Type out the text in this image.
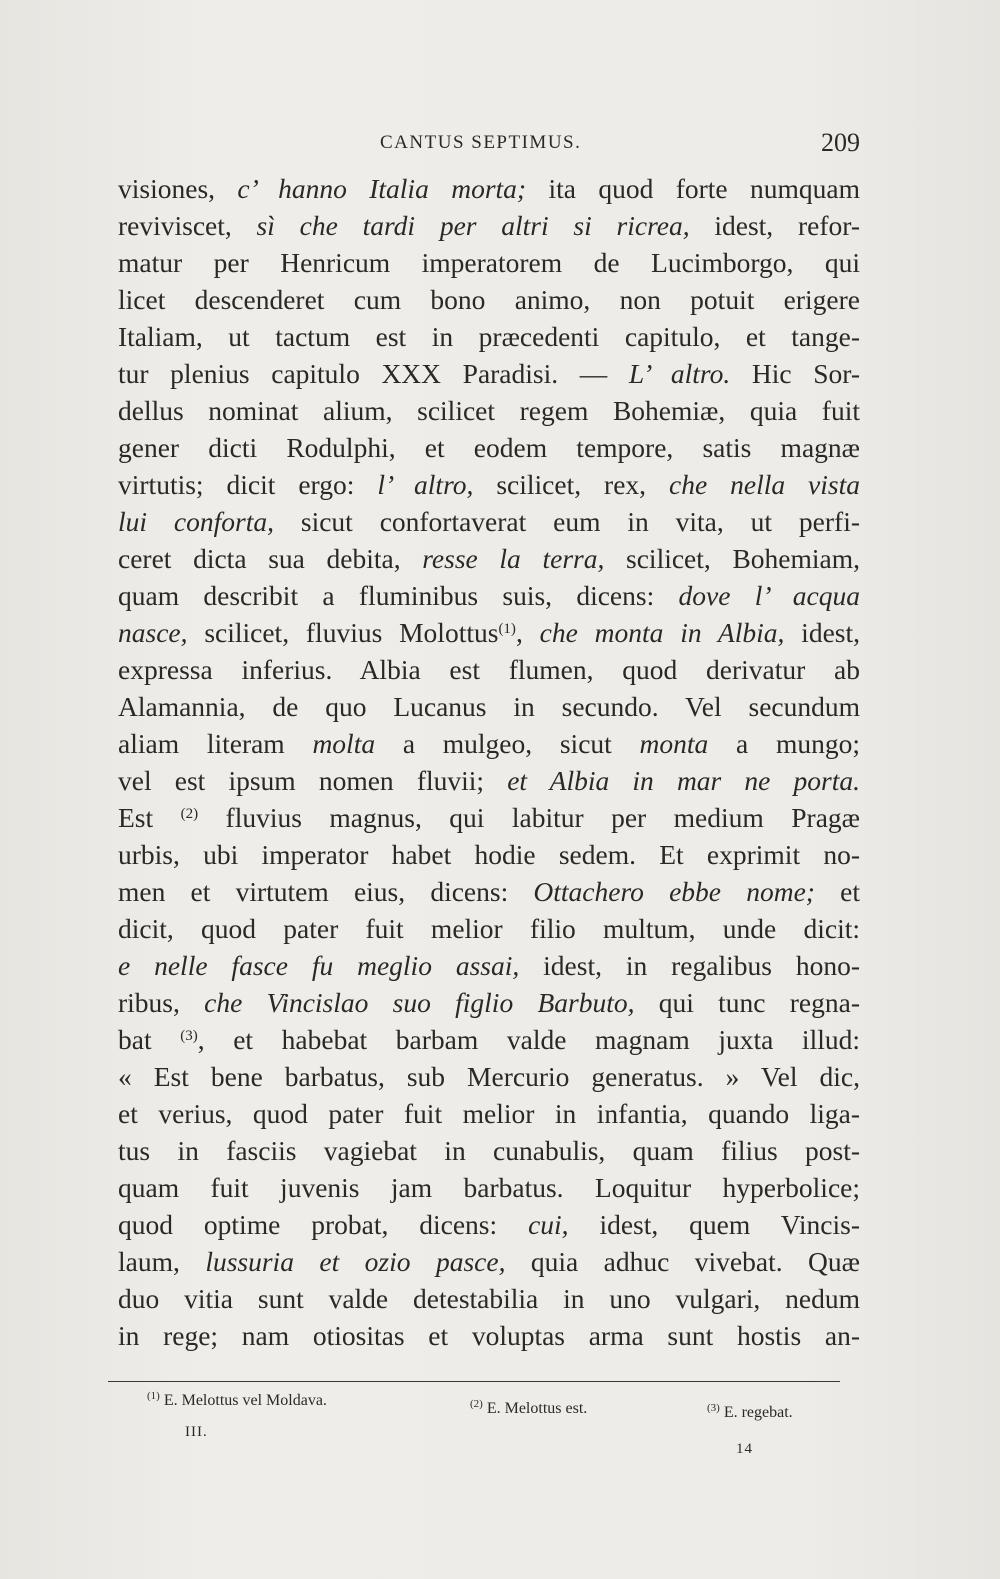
CANTUS SEPTIMUS.	209
visiones, c’ hanno Italia morta; ita quod forte numquam
reviviscet, sì che tardi per altri si ricrea, idest, refor-
matur per Henricum imperatorem de Lucimborgo, qui
licet descenderet cum bono animo, non potuit erigere
Italiam, ut tactum est in præcedenti capitulo, et tange-
tur plenius capitulo XXX Paradisi. — L’ altro. Hic Sor-
dellus nominat alium, scilicet regem Bohemiæ, quia fuit
gener dicti Rodulphi, et eodem tempore, satis magnæ
virtutis; dicit ergo: l’ altro, scilicet, rex, che nella vista
lui conforta, sicut confortaverat eum in vita, ut perfi-
ceret dicta sua debita, resse la terra, scilicet, Bohemiam,
quam describit a fluminibus suis, dicens: dove l’ acqua
nasce, scilicet, fluvius Molottus$^{(1)}$, che monta in Albia, idest,
expressa inferius. Albia est flumen, quod derivatur ab
Alamannia, de quo Lucanus in secundo. Vel secundum
aliam literam molta a mulgeo, sicut monta a mungo;
vel est ipsum nomen fluvii; et Albia in mar ne porta.
Est $^{(2)}$ fluvius magnus, qui labitur per medium Pragæ
urbis, ubi imperator habet hodie sedem. Et exprimit no-
men et virtutem eius, dicens: Ottachero ebbe nome; et
dicit, quod pater fuit melior filio multum, unde dicit:
e nelle fasce fu meglio assai, idest, in regalibus hono-
ribus, che Vincislao suo figlio Barbuto, qui tunc regna-
bat $^{(3)}$, et habebat barbam valde magnam juxta illud:
« Est bene barbatus, sub Mercurio generatus. » Vel dic,
et verius, quod pater fuit melior in infantia, quando liga-
tus in fasciis vagiebat in cunabulis, quam filius post-
quam fuit juvenis jam barbatus. Loquitur hyperbolice;
quod optime probat, dicens: cui, idest, quem Vincis-
laum, lussuria et ozio pasce, quia adhuc vivebat. Quæ
duo vitia sunt valde detestabilia in uno vulgari, nedum
in rege; nam otiositas et voluptas arma sunt hostis an-
$^{(1)}$ E. Melottus vel Moldava.	$^{(2)}$ E. Melottus est.	$^{(3)}$ E. regebat.
III.
14
